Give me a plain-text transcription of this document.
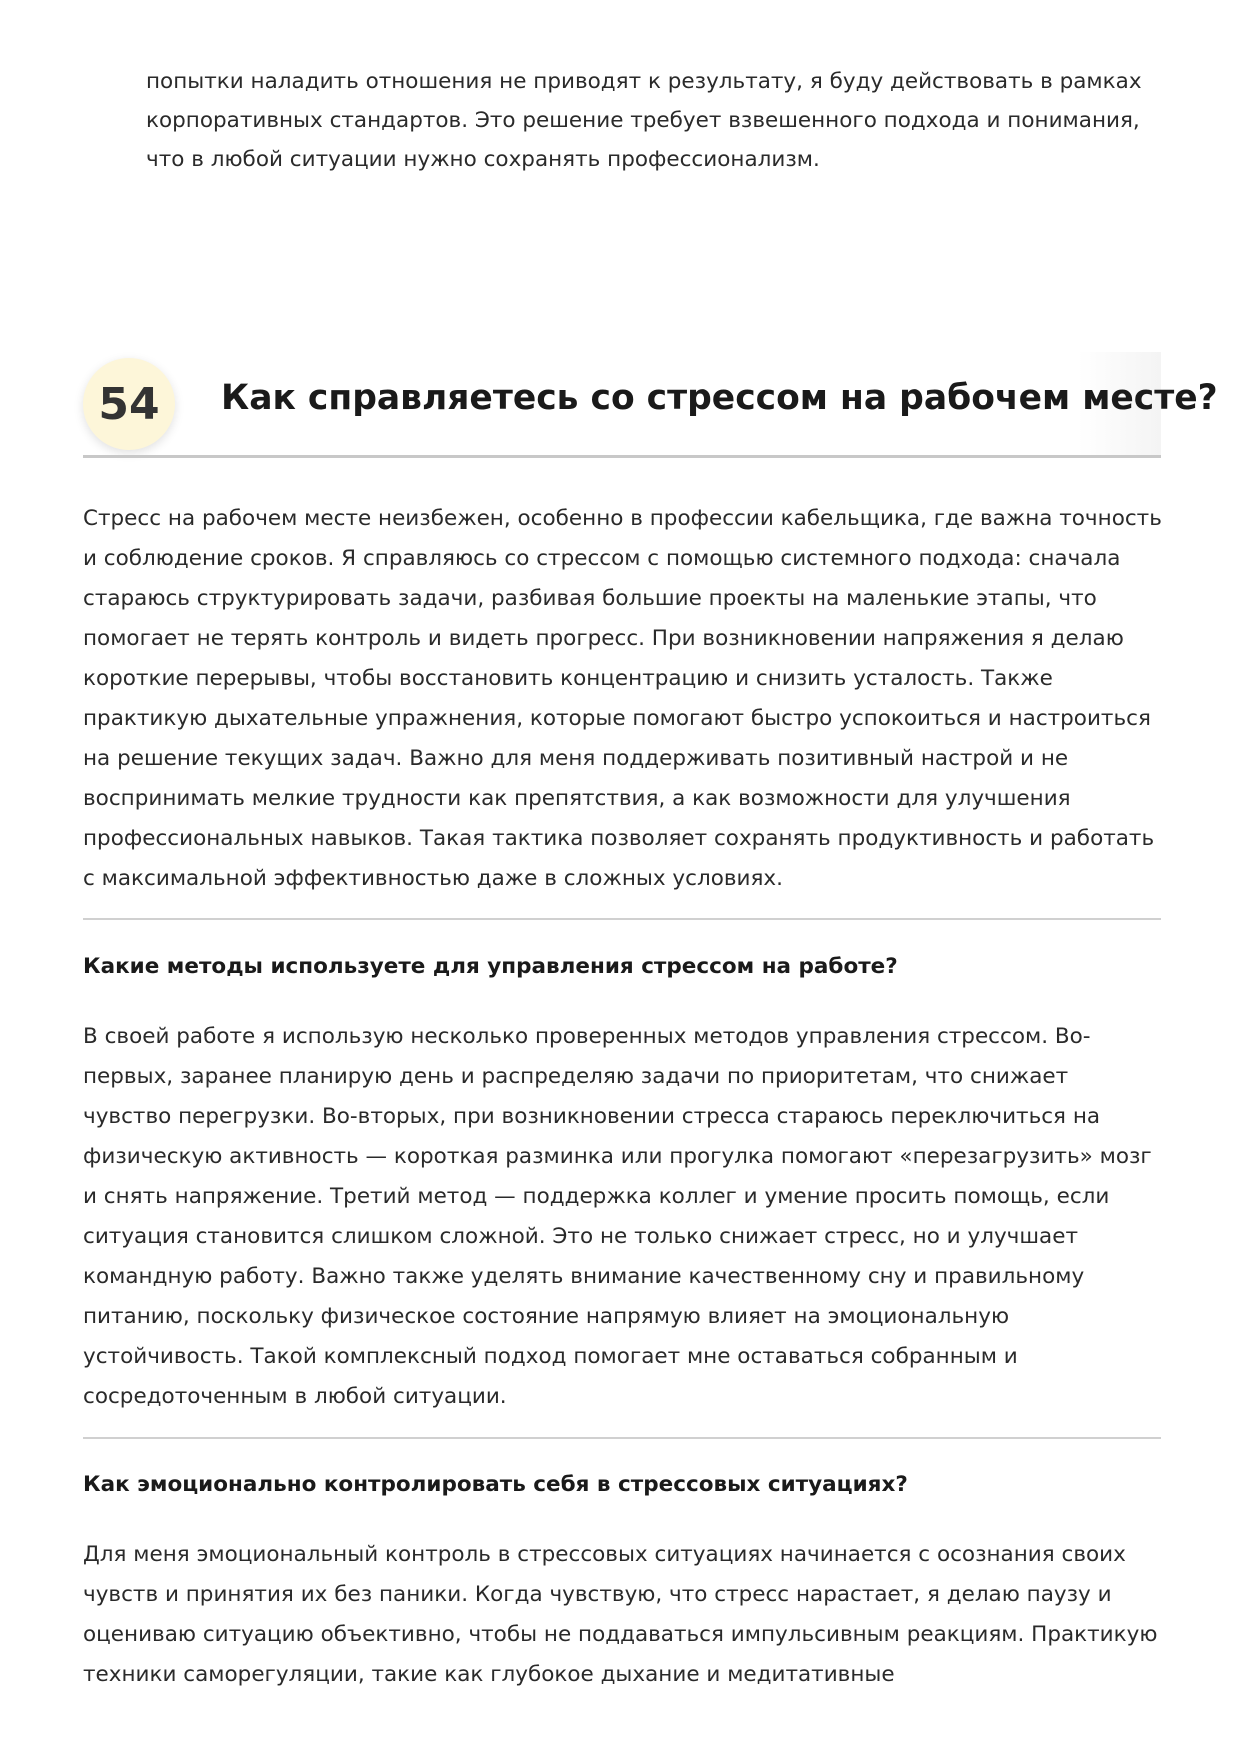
попытки наладить отношения не приводят к результату, я буду действовать в рамках корпоративных стандартов. Это решение требует взвешенного подхода и понимания, что в любой ситуации нужно сохранять профессионализм.

54	Как справляетесь со стрессом на рабочем месте?

Стресс на рабочем месте неизбежен, особенно в профессии кабельщика, где важна точность и соблюдение сроков. Я справляюсь со стрессом с помощью системного подхода: сначала стараюсь структурировать задачи, разбивая большие проекты на маленькие этапы, что помогает не терять контроль и видеть прогресс. При возникновении напряжения я делаю короткие перерывы, чтобы восстановить концентрацию и снизить усталость. Также практикую дыхательные упражнения, которые помогают быстро успокоиться и настроиться на решение текущих задач. Важно для меня поддерживать позитивный настрой и не воспринимать мелкие трудности как препятствия, а как возможности для улучшения профессиональных навыков. Такая тактика позволяет сохранять продуктивность и работать с максимальной эффективностью даже в сложных условиях.

Какие методы используете для управления стрессом на работе?

В своей работе я использую несколько проверенных методов управления стрессом. Во-первых, заранее планирую день и распределяю задачи по приоритетам, что снижает чувство перегрузки. Во-вторых, при возникновении стресса стараюсь переключиться на физическую активность — короткая разминка или прогулка помогают «перезагрузить» мозг и снять напряжение. Третий метод — поддержка коллег и умение просить помощь, если ситуация становится слишком сложной. Это не только снижает стресс, но и улучшает командную работу. Важно также уделять внимание качественному сну и правильному питанию, поскольку физическое состояние напрямую влияет на эмоциональную устойчивость. Такой комплексный подход помогает мне оставаться собранным и сосредоточенным в любой ситуации.

Как эмоционально контролировать себя в стрессовых ситуациях?

Для меня эмоциональный контроль в стрессовых ситуациях начинается с осознания своих чувств и принятия их без паники. Когда чувствую, что стресс нарастает, я делаю паузу и оцениваю ситуацию объективно, чтобы не поддаваться импульсивным реакциям. Практикую техники саморегуляции, такие как глубокое дыхание и медитативные
